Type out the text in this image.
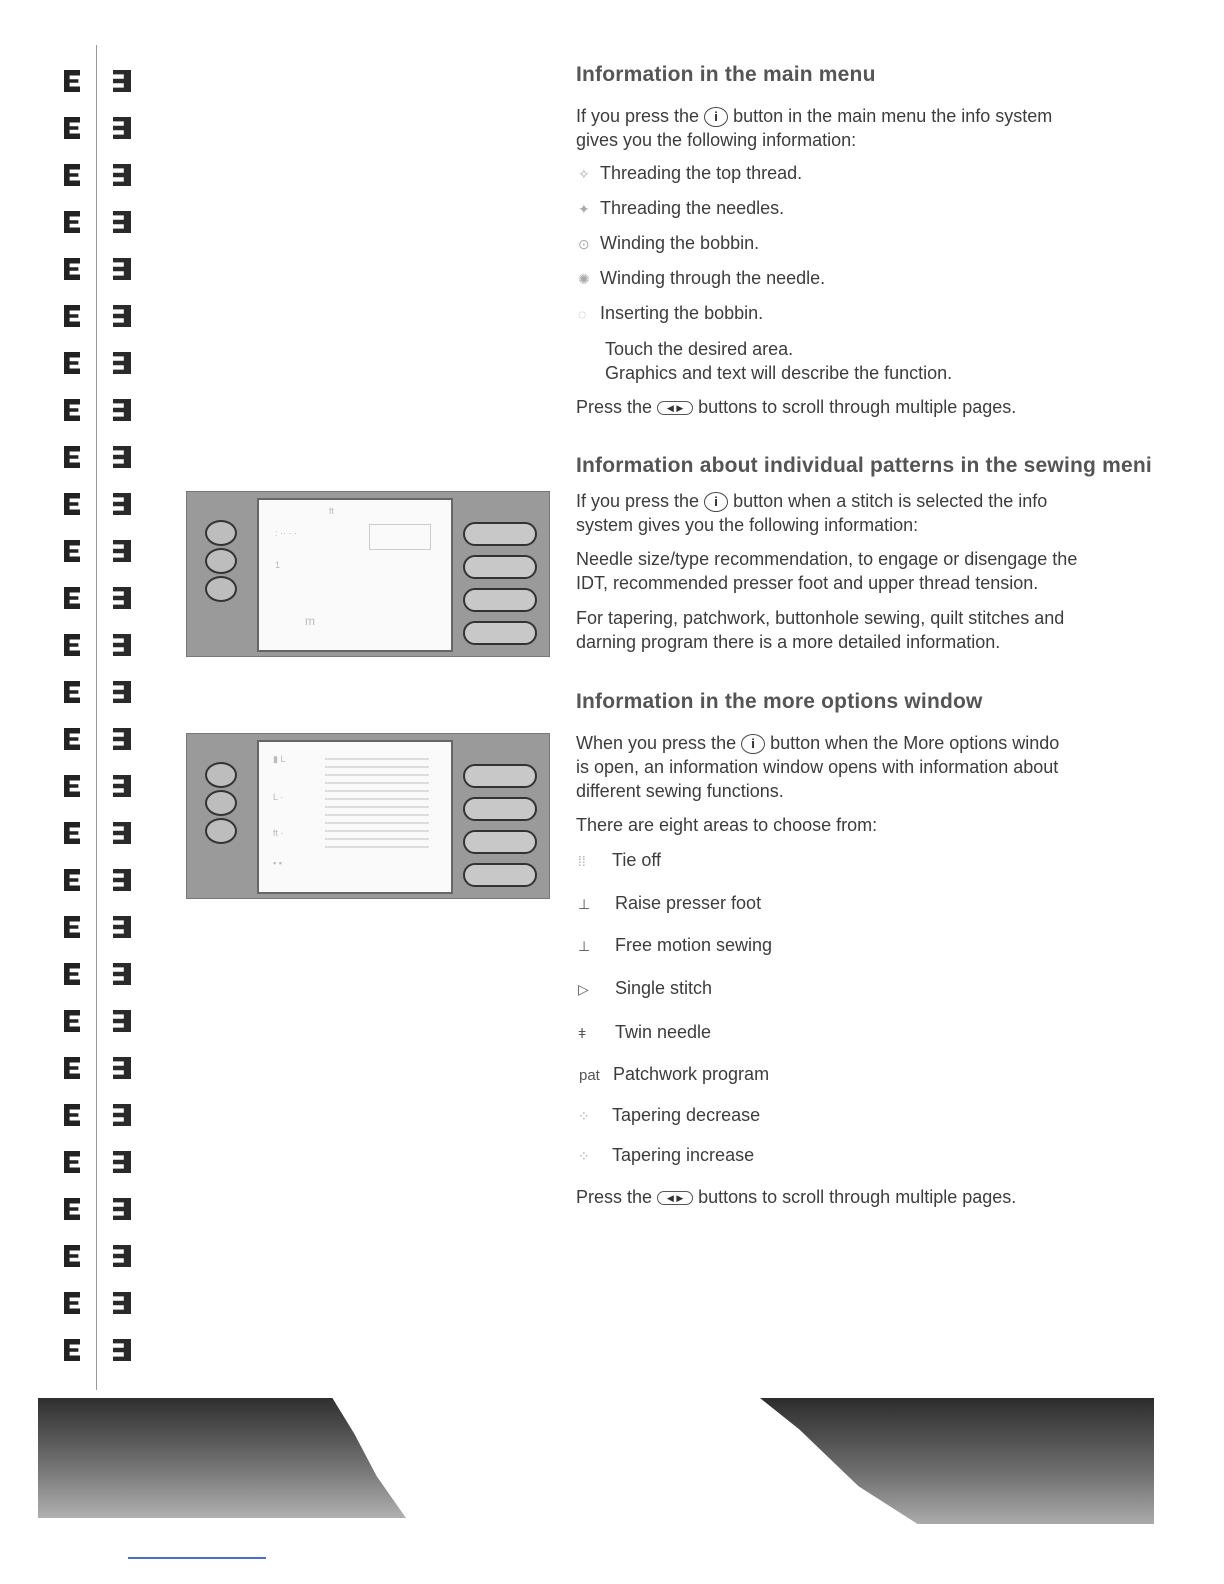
ft
: ·· · ·
1
m
▮ L
L ·
ft ·
▪ ▪
Information in the main menu

If you press the i button in the main menu the info system

gives you the following information:

✧ Threading the top thread.
✦ Threading the needles.
⊙ Winding the bobbin.
✺ Winding through the needle.
◌ Inserting the bobbin.

Touch the desired area.

Graphics and text will describe the function.

Press the ◀ ▶ buttons to scroll through multiple pages.

Information about individual patterns in the sewing meni

If you press the i button when a stitch is selected the info

system gives you the following information:

Needle size/type recommendation, to engage or disengage the

IDT, recommended presser foot and upper thread tension.

For tapering, patchwork, buttonhole sewing, quilt stitches and

darning program there is a more detailed information.

Information in the more options window

When you press the i button when the More options windo

is open, an information window opens with information about

different sewing functions.

There are eight areas to choose from:

⁞⁞ Tie off
⊥ Raise presser foot
⊥ Free motion sewing
▷ Single stitch
ǂ Twin needle
pat Patchwork program
⁘ Tapering decrease
⁘ Tapering increase

Press the ◀ ▶ buttons to scroll through multiple pages.
